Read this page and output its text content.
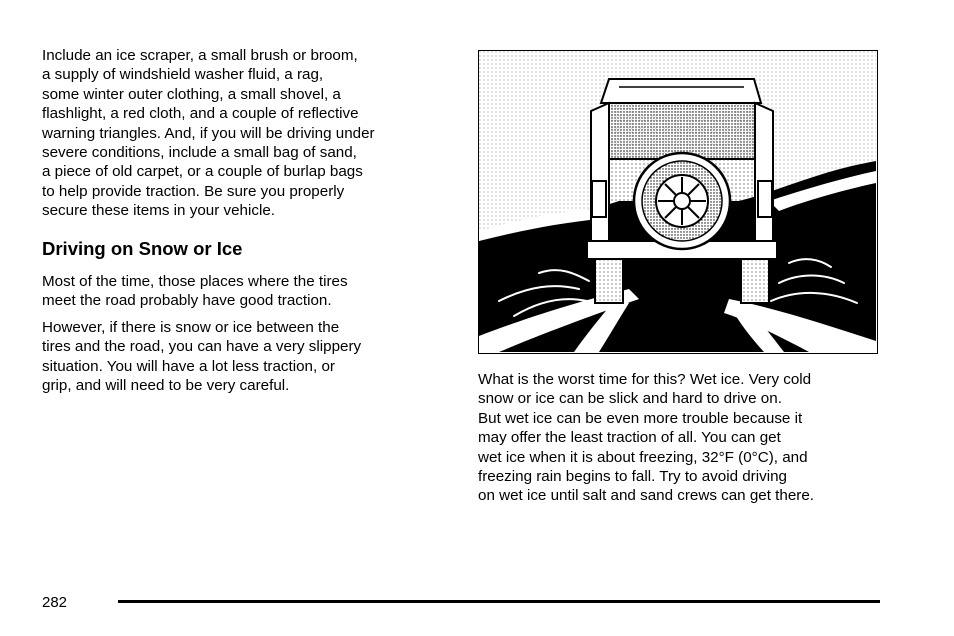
Include an ice scraper, a small brush or broom,
a supply of windshield washer fluid, a rag,
some winter outer clothing, a small shovel, a
flashlight, a red cloth, and a couple of reflective
warning triangles. And, if you will be driving under
severe conditions, include a small bag of sand,
a piece of old carpet, or a couple of burlap bags
to help provide traction. Be sure you properly
secure these items in your vehicle.

Driving on Snow or Ice

Most of the time, those places where the tires
meet the road probably have good traction.

However, if there is snow or ice between the
tires and the road, you can have a very slippery
situation. You will have a lot less traction, or
grip, and will need to be very careful.	What is the worst time for this? Wet ice. Very cold
snow or ice can be slick and hard to drive on.
But wet ice can be even more trouble because it
may offer the least traction of all. You can get
wet ice when it is about freezing, 32°F (0°C), and
freezing rain begins to fall. Try to avoid driving
on wet ice until salt and sand crews can get there.

282
